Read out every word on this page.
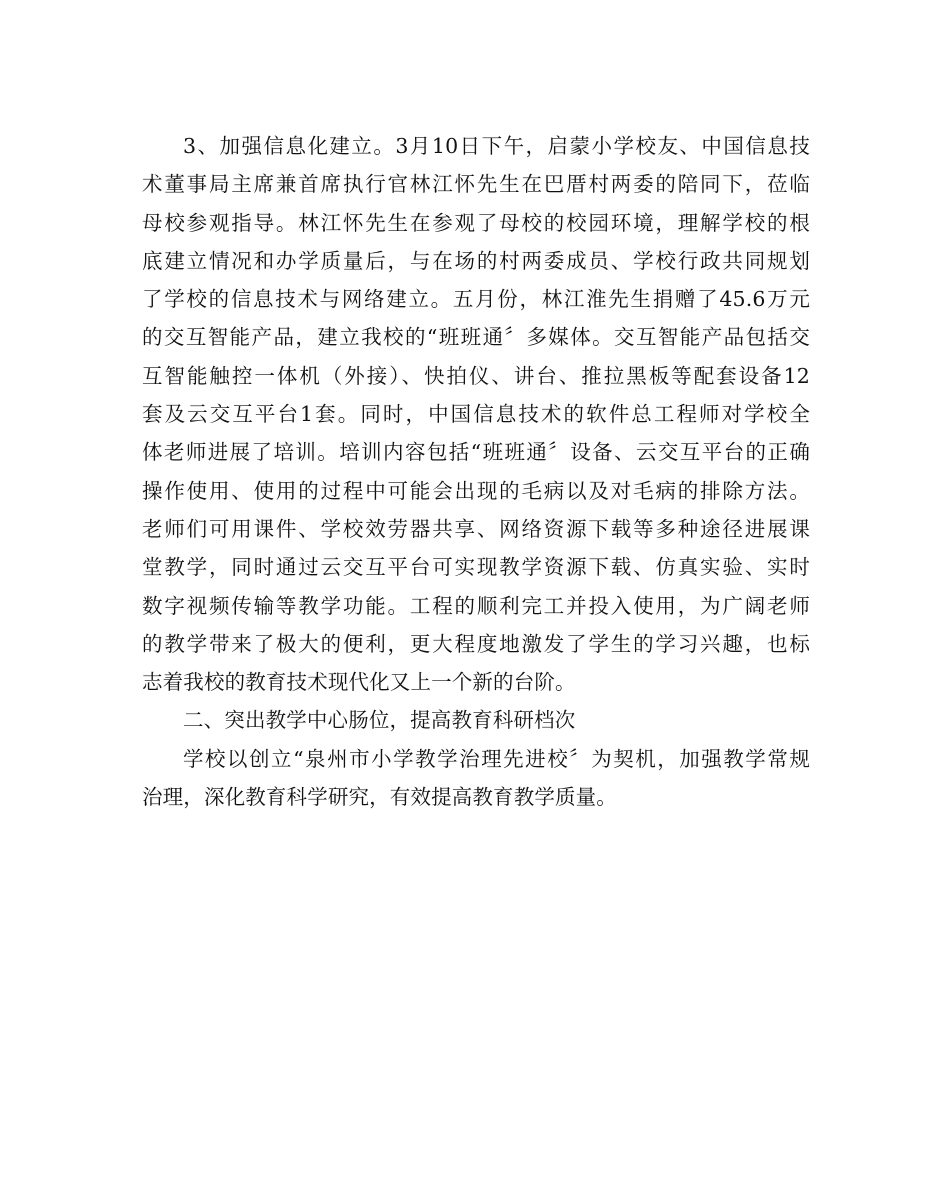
3、加强信息化建立。3月10日下午，启蒙小学校友、中国信息技
术董事局主席兼首席执行官林江怀先生在巴厝村两委的陪同下，莅临
母校参观指导。林江怀先生在参观了母校的校园环境，理解学校的根
底建立情况和办学质量后，与在场的村两委成员、学校行政共同规划
了学校的信息技术与网络建立。五月份，林江淮先生捐赠了45.6万元
的交互智能产品，建立我校的“班班通〞多媒体。交互智能产品包括交
互智能触控一体机（外接）、快拍仪、讲台、推拉黑板等配套设备12
套及云交互平台1套。同时，中国信息技术的软件总工程师对学校全
体老师进展了培训。培训内容包括“班班通〞设备、云交互平台的正确
操作使用、使用的过程中可能会出现的毛病以及对毛病的排除方法。
老师们可用课件、学校效劳器共享、网络资源下载等多种途径进展课
堂教学，同时通过云交互平台可实现教学资源下载、仿真实验、实时
数字视频传输等教学功能。工程的顺利完工并投入使用，为广阔老师
的教学带来了极大的便利，更大程度地激发了学生的学习兴趣，也标
志着我校的教育技术现代化又上一个新的台阶。
二、突出教学中心肠位，提高教育科研档次
学校以创立“泉州市小学教学治理先进校〞为契机，加强教学常规
治理，深化教育科学研究，有效提高教育教学质量。
